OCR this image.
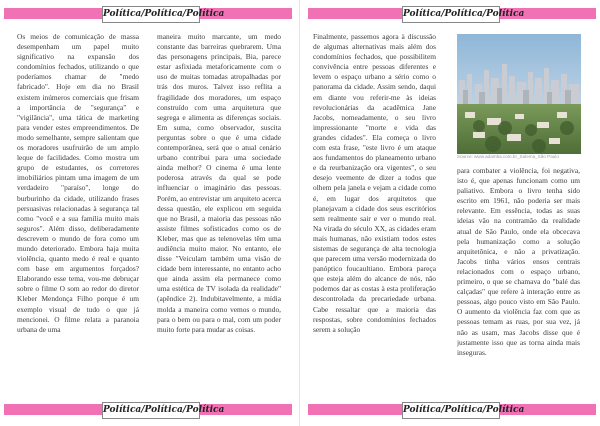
Política/Política/Política

Os meios de comunicação de massa desempenham um papel muito significativo na expansão dos condomínios fechados, utilizando o que poderíamos chamar de "medo fabricado". Hoje em dia no Brasil existem inúmeros comerciais que frisam a importância de "segurança" e "vigilância", uma tática de marketing para vender estes empreendimentos. De modo semelhante, sempre salientam que os moradores usufruirão de um amplo leque de facilidades. Como mostra um grupo de estudantes, os corretores imobiliários pintam uma imagem de um verdadeiro "paraíso", longe do burburinho da cidade, utilizando frases persuasivas relacionadas à segurança tal como "você e a sua família muito mais seguros". Além disso, deliberadamente descrevem o mundo de fora como um mundo deteriorado. Embora haja muita violência, quanto medo é real e quanto com base em argumentos forçados? Elaborando esse tema, vou-me debruçar sobre o filme O som ao redor do diretor Kleber Mendonça Filho porque é um exemplo visual de tudo o que já mencionei. O filme relata a paranoia urbana de uma

maneira muito marcante, um medo constante das barreiras quebrarem. Uma das personagens principais, Bia, parece estar asfixiada metaforicamente com o uso de muitas tomadas atropalhadas por trás dos muros. Talvez isso reflita a fragilidade dos moradores, um espaço construído com uma arquitetura que segrega e alimenta as diferenças sociais. Em suma, como observador, suscita perguntas sobre o que é uma cidade contemporânea, será que o atual cenário urbano contribui para uma sociedade ainda melhor? O cinema é uma lente poderosa através da qual se pode influenciar o imaginário das pessoas. Porém, ao entrevistar um arquiteto acerca dessa questão, ele explicou em seguida que no Brasil, a maioria das pessoas não assiste filmes sofisticados como os de Kleber, mas que as telenovelas têm uma audiência muito maior. No entanto, ele disse "Veiculam também uma visão de cidade bem interessante, no entanto acho que ainda assim ela permanece como uma estética de TV isolada da realidade" (apêndice 2). Indubitavelmente, a mídia molda a maneira como vemos o mundo, para o bem ou para o mal, com um poder muito forte para mudar as coisas.

Política/Política/Política
Política/Política/Política

Finalmente, passemos agora à discussão de algumas alternativas mais além dos condomínios fechados, que possibilitem convivência entre pessoas diferentes e levem o espaço urbano a sério como o panorama da cidade. Assim sendo, daqui em diante vou referir-me às ideias revolucionárias da acadêmica Jane Jacobs, nomeadamente, o seu livro impressionante "morte e vida das grandes cidades". Ela começa o livro com esta frase, "este livro é um ataque aos fundamentos do planeamento urbano e da reurbanização ora vigentes", o seu desejo veemente de dizer a todos que olhem pela janela e vejam a cidade como é, em lugar dos arquitetos que planejavam a cidade dos seus escritórios sem realmente sair e ver o mundo real. Na virada do século XX, as cidades eram mais humanas, não existiam todos estes sistemas de segurança de alta tecnologia que parecem uma versão modernizada do panóptico foucaultiano. Embora pareça que esteja além do alcance de nós, não podemos dar as costas à esta proliferação descontrolada da precariedade urbana. Cabe ressaltar que a maioria das respostas, sobre condomínios fechados serem a solução

Source: www.adamba.com.br_Salema_São Paulo

para combater a violência, foi negativa, isto é, que apenas funcionam como um paliativo. Embora o livro tenha sido escrito em 1961, não poderia ser mais relevante. Em essência, todas as suas ideias vão na contramão da realidade atual de São Paulo, onde ela obcecava pela humanização como a solução arquitetônica, e não a privatização. Jacobs tinha vários ensos centrais relacionados com o espaço urbano, primeiro, o que se chamava do "balé das calçadas" que refere à interação entre as pessoas, algo pouco visto em São Paulo. O aumento da violência faz com que as pessoas temam as ruas, por sua vez, já não as usam, mas Jacobs disse que é justamente isso que as torna ainda mais inseguras.

Política/Política/Política
